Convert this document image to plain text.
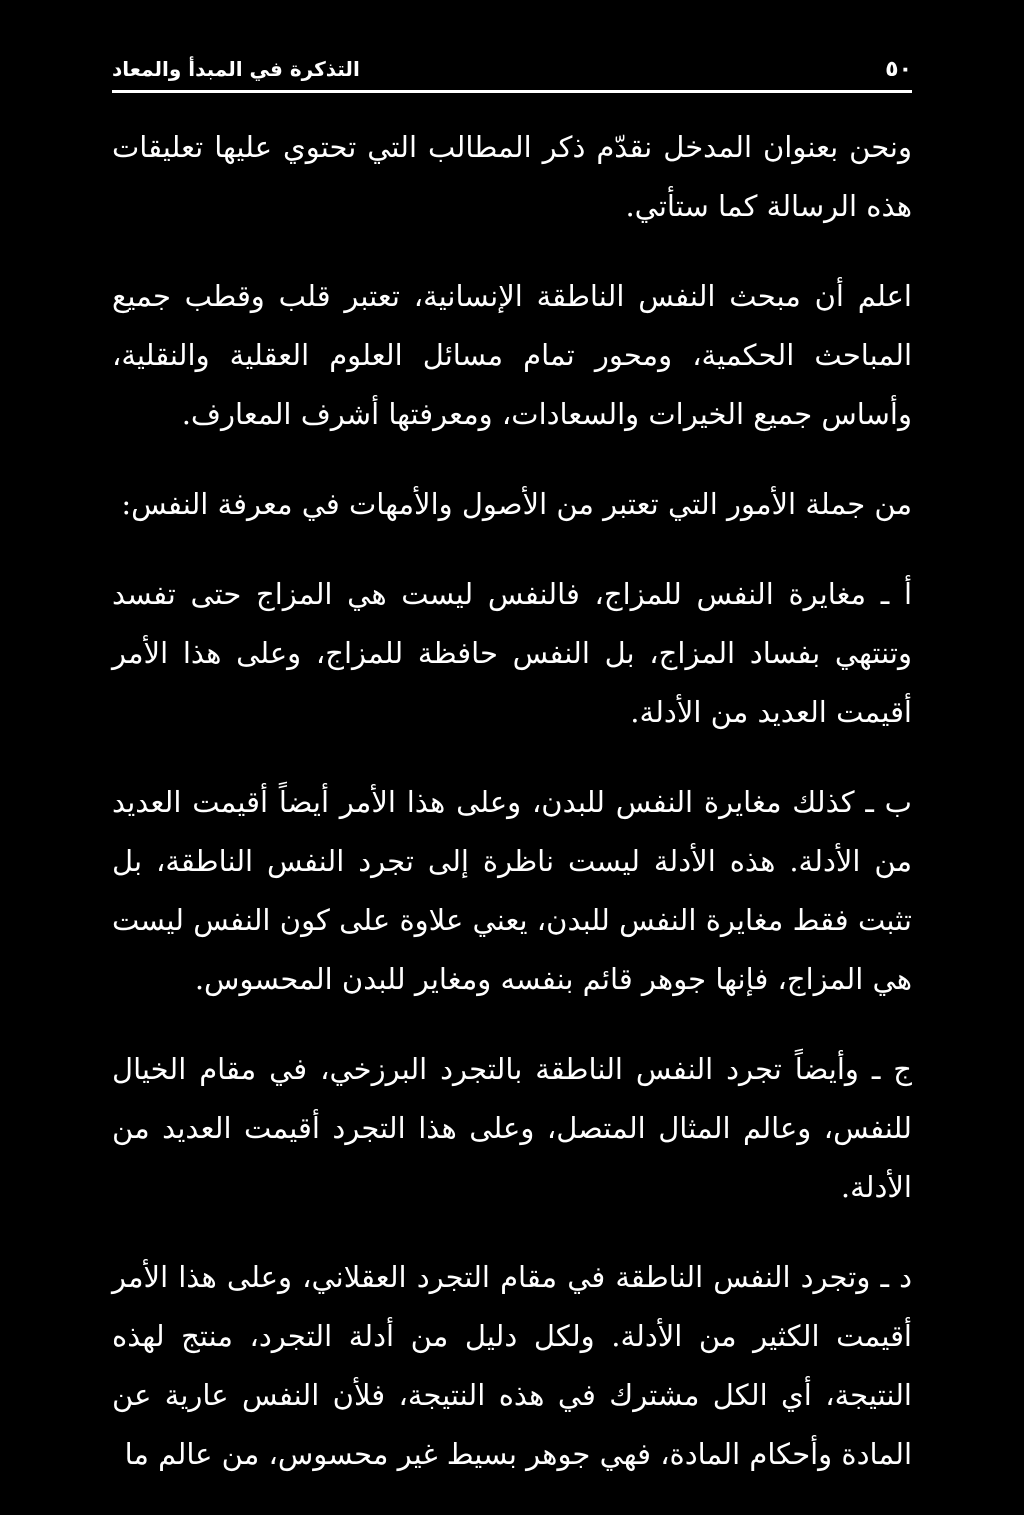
٥٠
التذكرة في المبدأ والمعاد

ونحن بعنوان المدخل نقدّم ذكر المطالب التي تحتوي عليها تعليقات هذه الرسالة كما ستأتي.

اعلم أن مبحث النفس الناطقة الإنسانية، تعتبر قلب وقطب جميع المباحث الحكمية، ومحور تمام مسائل العلوم العقلية والنقلية، وأساس جميع الخيرات والسعادات، ومعرفتها أشرف المعارف.

من جملة الأمور التي تعتبر من الأصول والأمهات في معرفة النفس:

أ ـ مغايرة النفس للمزاج، فالنفس ليست هي المزاج حتى تفسد وتنتهي بفساد المزاج، بل النفس حافظة للمزاج، وعلى هذا الأمر أقيمت العديد من الأدلة.

ب ـ كذلك مغايرة النفس للبدن، وعلى هذا الأمر أيضاً أقيمت العديد من الأدلة. هذه الأدلة ليست ناظرة إلى تجرد النفس الناطقة، بل تثبت فقط مغايرة النفس للبدن، يعني علاوة على كون النفس ليست هي المزاج، فإنها جوهر قائم بنفسه ومغاير للبدن المحسوس.

ج ـ وأيضاً تجرد النفس الناطقة بالتجرد البرزخي، في مقام الخيال للنفس، وعالم المثال المتصل، وعلى هذا التجرد أقيمت العديد من الأدلة.

د ـ وتجرد النفس الناطقة في مقام التجرد العقلاني، وعلى هذا الأمر أقيمت الكثير من الأدلة. ولكل دليل من أدلة التجرد، منتج لهذه النتيجة، أي الكل مشترك في هذه النتيجة، فلأن النفس عارية عن المادة وأحكام المادة، فهي جوهر بسيط غير محسوس، من عالم ما
